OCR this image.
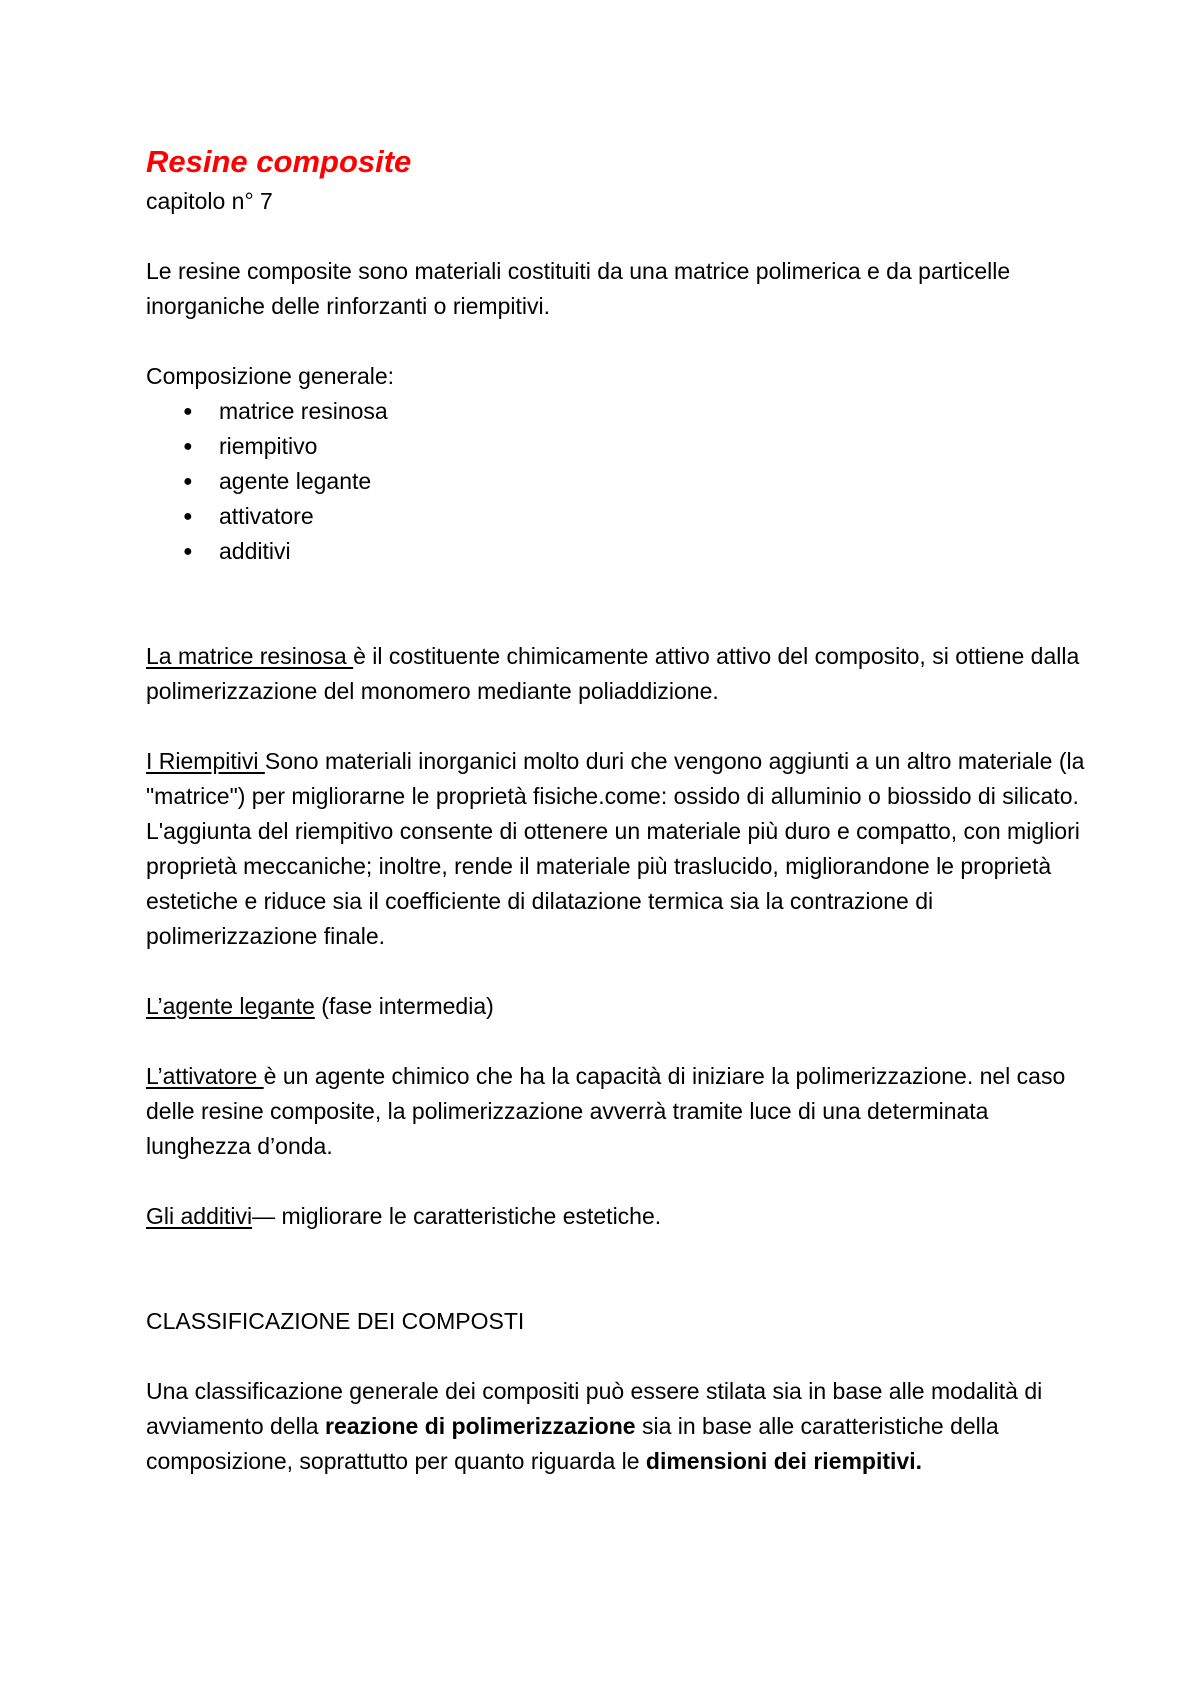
Resine composite
capitolo n° 7

Le resine composite sono materiali costituiti da una matrice polimerica e da particelle inorganiche delle rinforzanti o riempitivi.

Composizione generale:
● matrice resinosa
● riempitivo
● agente legante
● attivatore
● additivi

La matrice resinosa è il costituente chimicamente attivo attivo del composito, si ottiene dalla polimerizzazione del monomero mediante poliaddizione.

I Riempitivi Sono materiali inorganici molto duri che vengono aggiunti a un altro materiale (la "matrice") per migliorarne le proprietà fisiche.come: ossido di alluminio o biossido di silicato.

L'aggiunta del riempitivo consente di ottenere un materiale più duro e compatto, con migliori proprietà meccaniche; inoltre, rende il materiale più traslucido, migliorandone le proprietà estetiche e riduce sia il coefficiente di dilatazione termica sia la contrazione di polimerizzazione finale.

L’agente legante (fase intermedia)

L’attivatore è un agente chimico che ha la capacità di iniziare la polimerizzazione. nel caso delle resine composite, la polimerizzazione avverrà tramite luce di una determinata lunghezza d’onda.

Gli additivi— migliorare le caratteristiche estetiche.

CLASSIFICAZIONE DEI COMPOSTI

Una classificazione generale dei compositi può essere stilata sia in base alle modalità di avviamento della reazione di polimerizzazione sia in base alle caratteristiche della composizione, soprattutto per quanto riguarda le dimensioni dei riempitivi.
